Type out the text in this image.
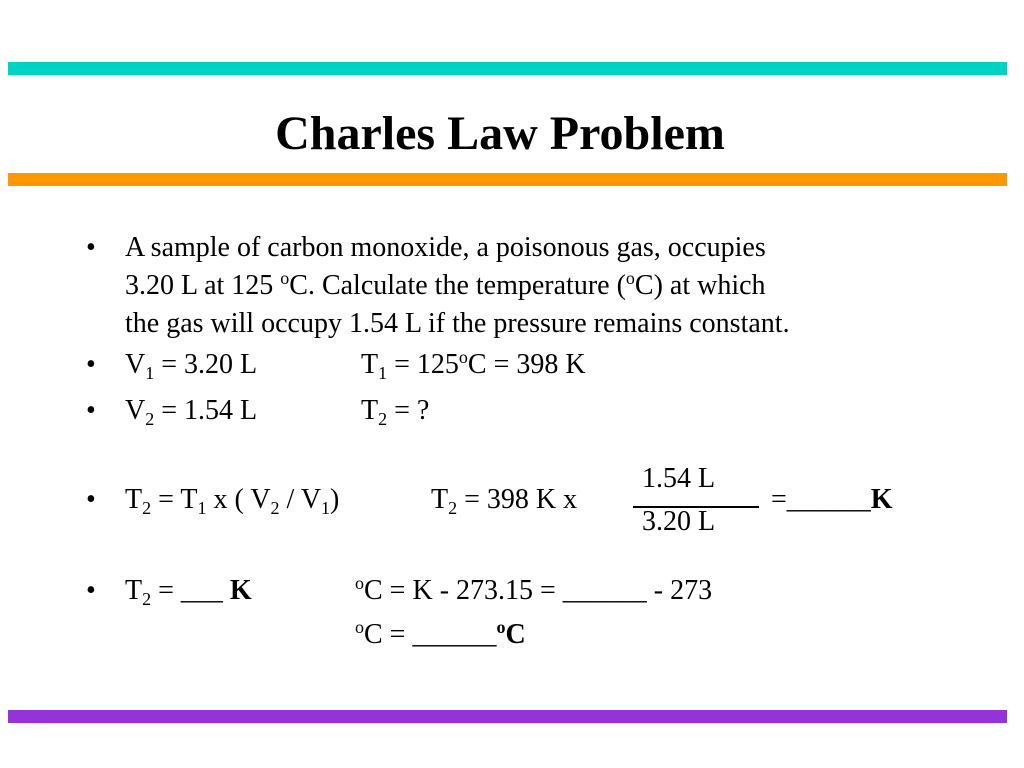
Charles Law Problem
• A sample of carbon monoxide, a poisonous gas, occupies
3.20 L at 125 $^o$C. Calculate the temperature ($^o$C) at which
the gas will occupy 1.54 L if the pressure remains constant.
• $V_1 = 3.20$ L	$T_1 = 125^oC = 398$ K
• $V_2 = 1.54$ L	$T_2$ = ?
• $T_2 = T_1$ x ( $V_2 / V_1$)	$T_2 = 398$ K x
1.54 L
3.20 L
=______K
• $T_2$ = ___ K	$^o$C = K - 273.15 = ______ - 273
$^o$C = ______$^o$C
